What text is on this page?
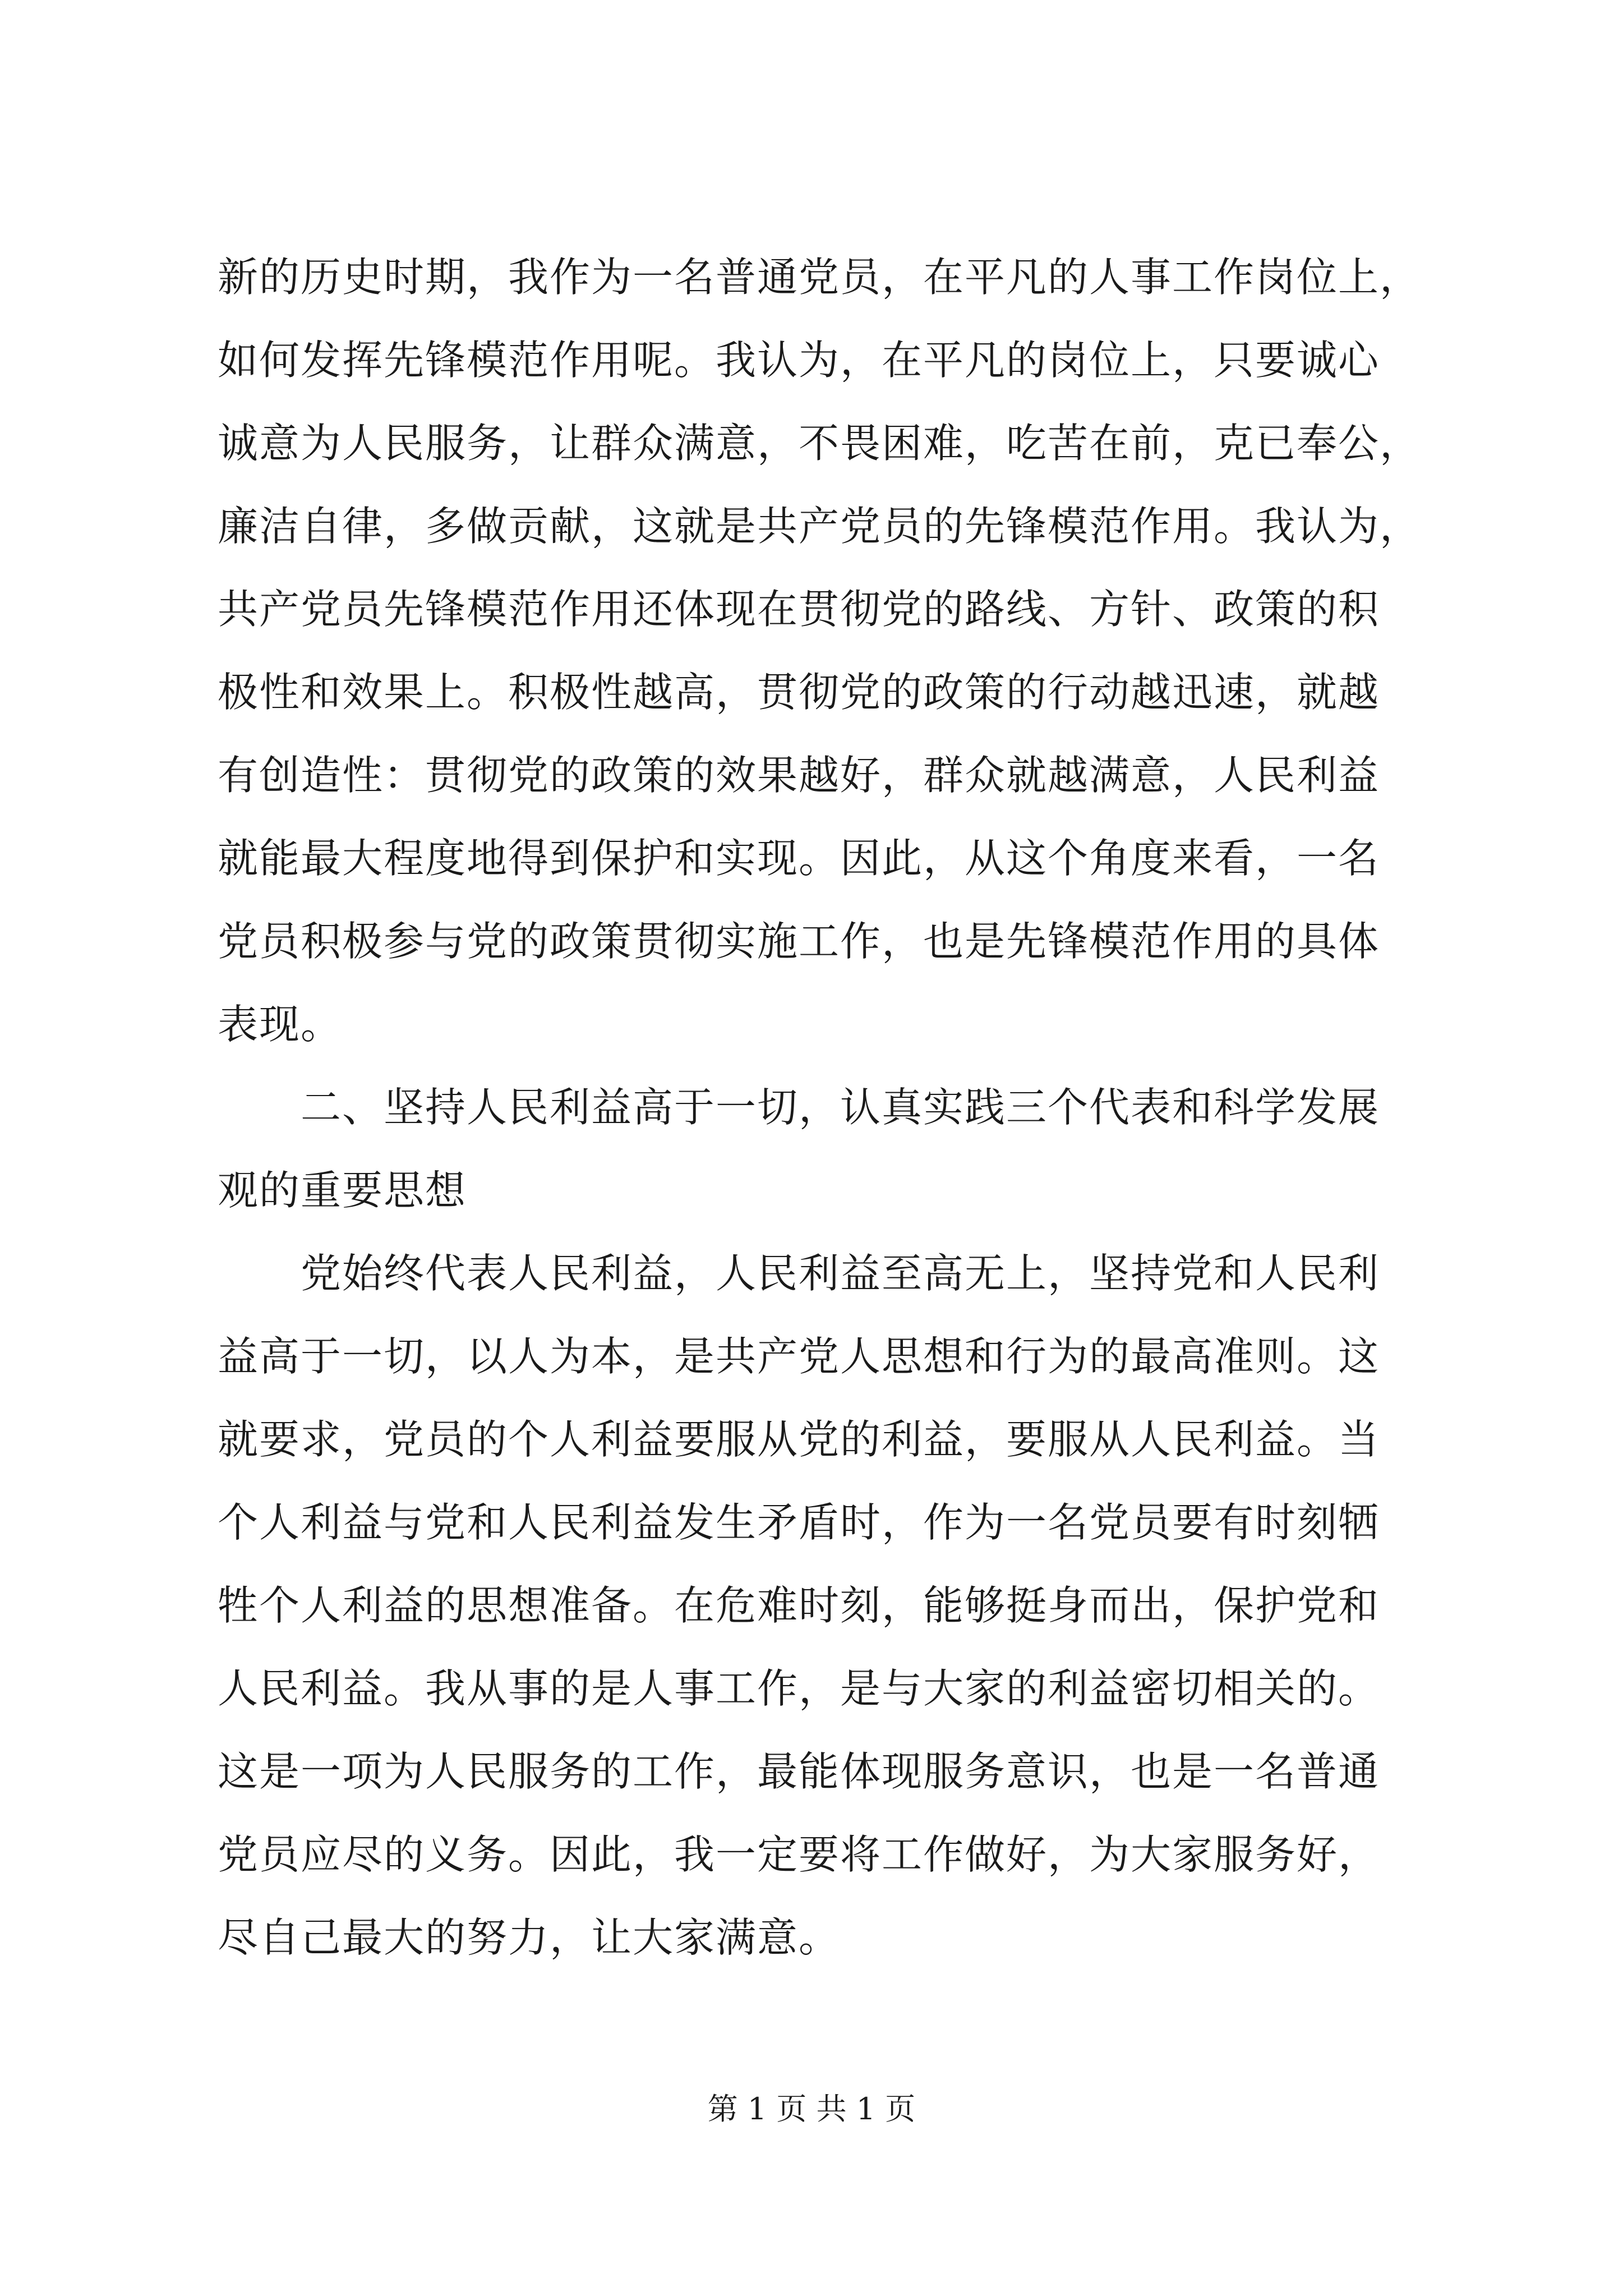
新的历史时期，我作为一名普通党员，在平凡的人事工作岗位上，
如何发挥先锋模范作用呢。我认为，在平凡的岗位上，只要诚心
诚意为人民服务，让群众满意，不畏困难，吃苦在前，克已奉公，
廉洁自律，多做贡献，这就是共产党员的先锋模范作用。我认为，
共产党员先锋模范作用还体现在贯彻党的路线、方针、政策的积
极性和效果上。积极性越高，贯彻党的政策的行动越迅速，就越
有创造性：贯彻党的政策的效果越好，群众就越满意，人民利益
就能最大程度地得到保护和实现。因此，从这个角度来看，一名
党员积极参与党的政策贯彻实施工作，也是先锋模范作用的具体
表现。
二、坚持人民利益高于一切，认真实践三个代表和科学发展
观的重要思想
党始终代表人民利益，人民利益至高无上，坚持党和人民利
益高于一切，以人为本，是共产党人思想和行为的最高准则。这
就要求，党员的个人利益要服从党的利益，要服从人民利益。当
个人利益与党和人民利益发生矛盾时，作为一名党员要有时刻牺
牲个人利益的思想准备。在危难时刻，能够挺身而出，保护党和
人民利益。我从事的是人事工作，是与大家的利益密切相关的。
这是一项为人民服务的工作，最能体现服务意识，也是一名普通
党员应尽的义务。因此，我一定要将工作做好，为大家服务好，
尽自己最大的努力，让大家满意。
第 1 页 共 1 页
